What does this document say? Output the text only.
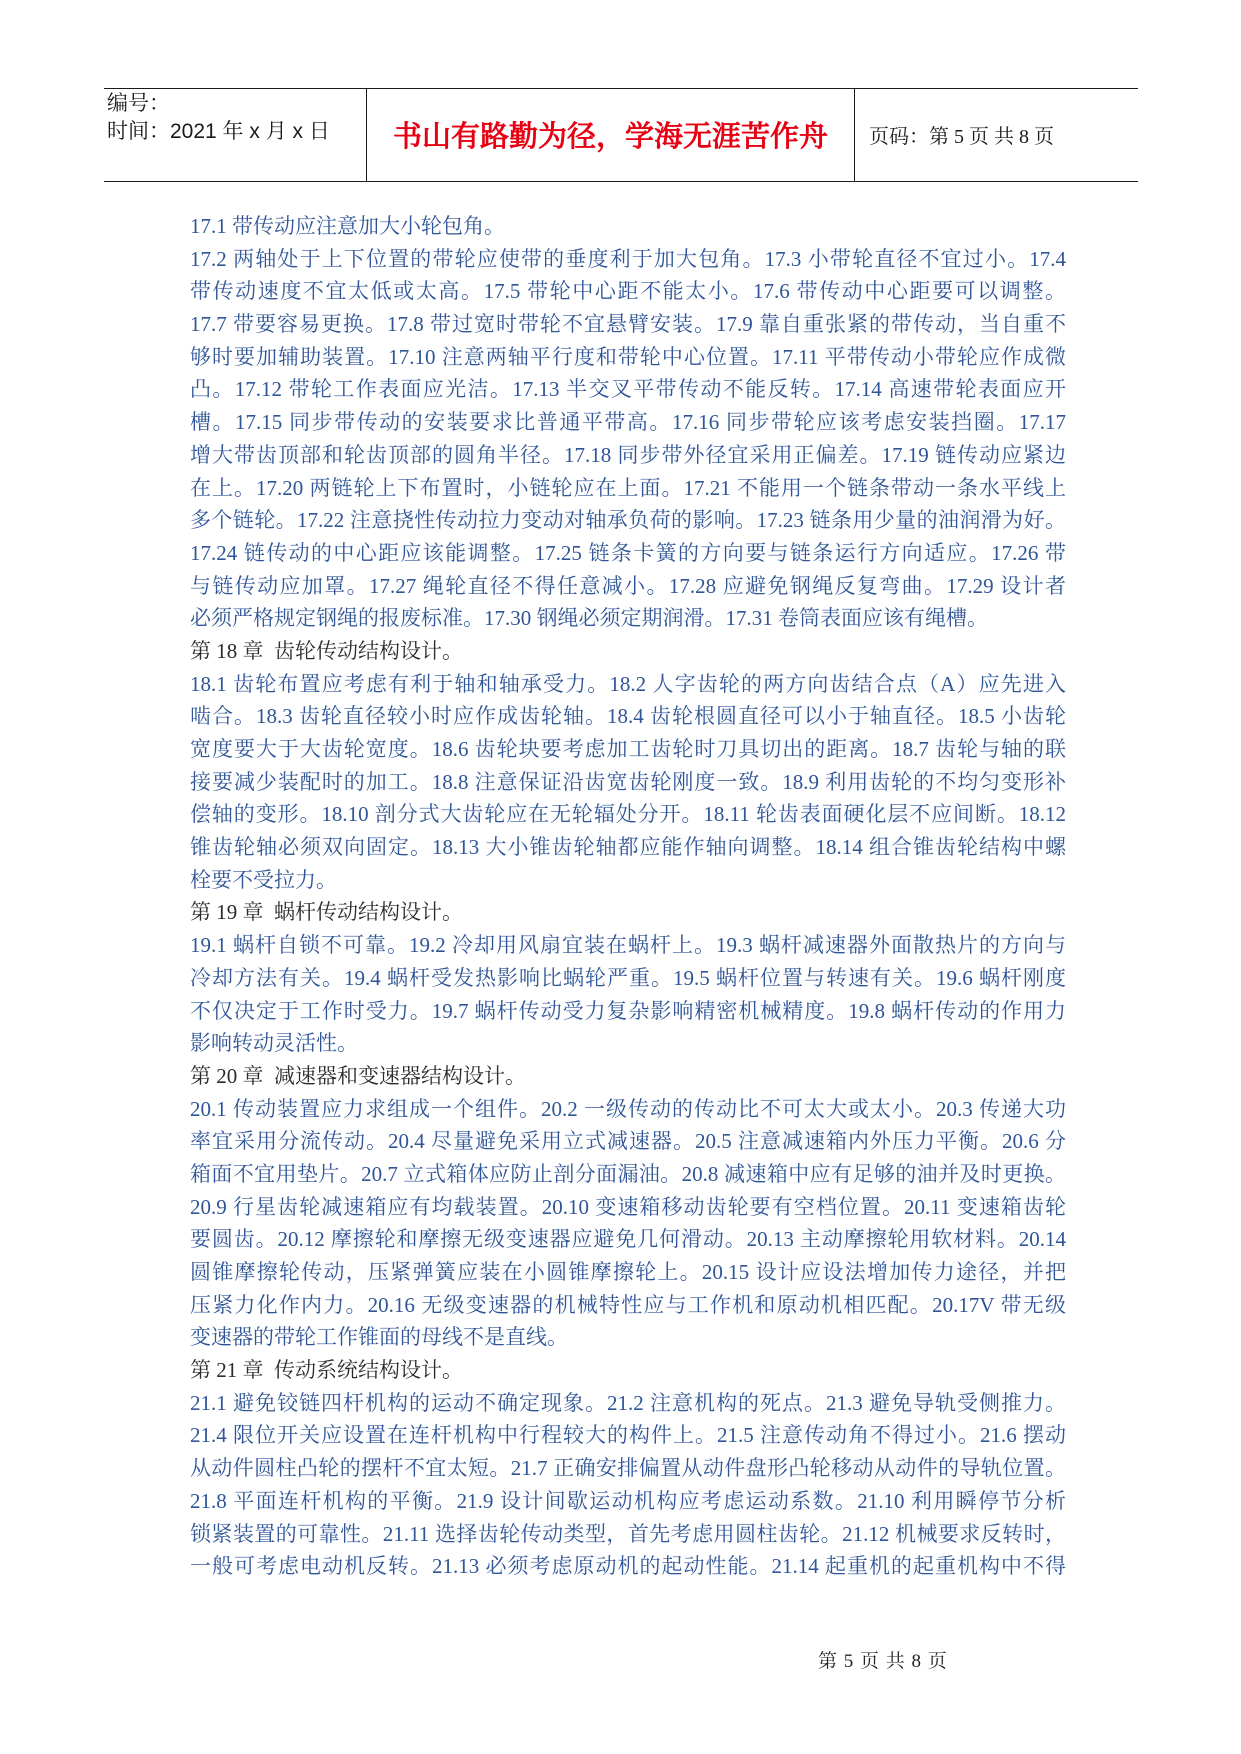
编号：
时间：2021 年 x 月 x 日 书山有路勤为径，学海无涯苦作舟 页码：第 5 页 共 8 页
17.1 带传动应注意加大小轮包角。
17.2 两轴处于上下位置的带轮应使带的垂度利于加大包角。17.3 小带轮直径不宜过小。17.4
带传动速度不宜太低或太高。17.5 带轮中心距不能太小。17.6 带传动中心距要可以调整。
17.7 带要容易更换。17.8 带过宽时带轮不宜悬臂安装。17.9 靠自重张紧的带传动，当自重不
够时要加辅助装置。17.10 注意两轴平行度和带轮中心位置。17.11 平带传动小带轮应作成微
凸。17.12 带轮工作表面应光洁。17.13 半交叉平带传动不能反转。17.14 高速带轮表面应开
槽。17.15 同步带传动的安装要求比普通平带高。17.16 同步带轮应该考虑安装挡圈。17.17
增大带齿顶部和轮齿顶部的圆角半径。17.18 同步带外径宜采用正偏差。17.19 链传动应紧边
在上。17.20 两链轮上下布置时，小链轮应在上面。17.21 不能用一个链条带动一条水平线上
多个链轮。17.22 注意挠性传动拉力变动对轴承负荷的影响。17.23 链条用少量的油润滑为好。
17.24 链传动的中心距应该能调整。17.25 链条卡簧的方向要与链条运行方向适应。17.26 带
与链传动应加罩。17.27 绳轮直径不得任意减小。17.28 应避免钢绳反复弯曲。17.29 设计者
必须严格规定钢绳的报废标准。17.30 钢绳必须定期润滑。17.31 卷筒表面应该有绳槽。
第 18 章  齿轮传动结构设计。
18.1 齿轮布置应考虑有利于轴和轴承受力。18.2 人字齿轮的两方向齿结合点（A）应先进入
啮合。18.3 齿轮直径较小时应作成齿轮轴。18.4 齿轮根圆直径可以小于轴直径。18.5 小齿轮
宽度要大于大齿轮宽度。18.6 齿轮块要考虑加工齿轮时刀具切出的距离。18.7 齿轮与轴的联
接要减少装配时的加工。18.8 注意保证沿齿宽齿轮刚度一致。18.9 利用齿轮的不均匀变形补
偿轴的变形。18.10 剖分式大齿轮应在无轮辐处分开。18.11 轮齿表面硬化层不应间断。18.12
锥齿轮轴必须双向固定。18.13 大小锥齿轮轴都应能作轴向调整。18.14 组合锥齿轮结构中螺
栓要不受拉力。
第 19 章  蜗杆传动结构设计。
19.1 蜗杆自锁不可靠。19.2 冷却用风扇宜装在蜗杆上。19.3 蜗杆减速器外面散热片的方向与
冷却方法有关。19.4 蜗杆受发热影响比蜗轮严重。19.5 蜗杆位置与转速有关。19.6 蜗杆刚度
不仅决定于工作时受力。19.7 蜗杆传动受力复杂影响精密机械精度。19.8 蜗杆传动的作用力
影响转动灵活性。
第 20 章  减速器和变速器结构设计。
20.1 传动装置应力求组成一个组件。20.2 一级传动的传动比不可太大或太小。20.3 传递大功
率宜采用分流传动。20.4 尽量避免采用立式减速器。20.5 注意减速箱内外压力平衡。20.6 分
箱面不宜用垫片。20.7 立式箱体应防止剖分面漏油。20.8 减速箱中应有足够的油并及时更换。
20.9 行星齿轮减速箱应有均载装置。20.10 变速箱移动齿轮要有空档位置。20.11 变速箱齿轮
要圆齿。20.12 摩擦轮和摩擦无级变速器应避免几何滑动。20.13 主动摩擦轮用软材料。20.14
圆锥摩擦轮传动，压紧弹簧应装在小圆锥摩擦轮上。20.15 设计应设法增加传力途径，并把
压紧力化作内力。20.16 无级变速器的机械特性应与工作机和原动机相匹配。20.17V 带无级
变速器的带轮工作锥面的母线不是直线。
第 21 章  传动系统结构设计。
21.1 避免铰链四杆机构的运动不确定现象。21.2 注意机构的死点。21.3 避免导轨受侧推力。
21.4 限位开关应设置在连杆机构中行程较大的构件上。21.5 注意传动角不得过小。21.6 摆动
从动件圆柱凸轮的摆杆不宜太短。21.7 正确安排偏置从动件盘形凸轮移动从动件的导轨位置。
21.8 平面连杆机构的平衡。21.9 设计间歇运动机构应考虑运动系数。21.10 利用瞬停节分析
锁紧装置的可靠性。21.11 选择齿轮传动类型，首先考虑用圆柱齿轮。21.12 机械要求反转时，
一般可考虑电动机反转。21.13 必须考虑原动机的起动性能。21.14 起重机的起重机构中不得
第 5 页 共 8 页
